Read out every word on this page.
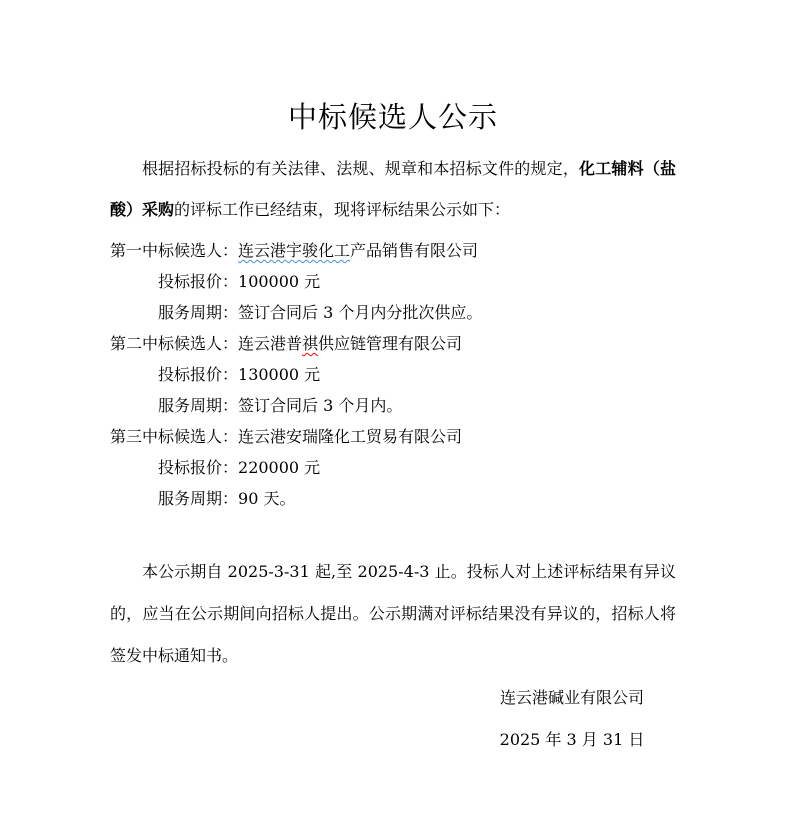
中标候选人公示

根据招标投标的有关法律、法规、规章和本招标文件的规定，化工辅料（盐酸）采购的评标工作已经结束，现将评标结果公示如下：

第一中标候选人：连云港宇骏化工产品销售有限公司

投标报价：100000 元

服务周期：签订合同后 3 个月内分批次供应。

第二中标候选人：连云港普祺供应链管理有限公司

投标报价：130000 元

服务周期：签订合同后 3 个月内。

第三中标候选人：连云港安瑞隆化工贸易有限公司

投标报价：220000 元

服务周期：90 天。

本公示期自 2025-3-31 起,至 2025-4-3 止。投标人对上述评标结果有异议的，应当在公示期间向招标人提出。公示期满对评标结果没有异议的，招标人将签发中标通知书。

连云港碱业有限公司

2025 年 3 月 31 日
